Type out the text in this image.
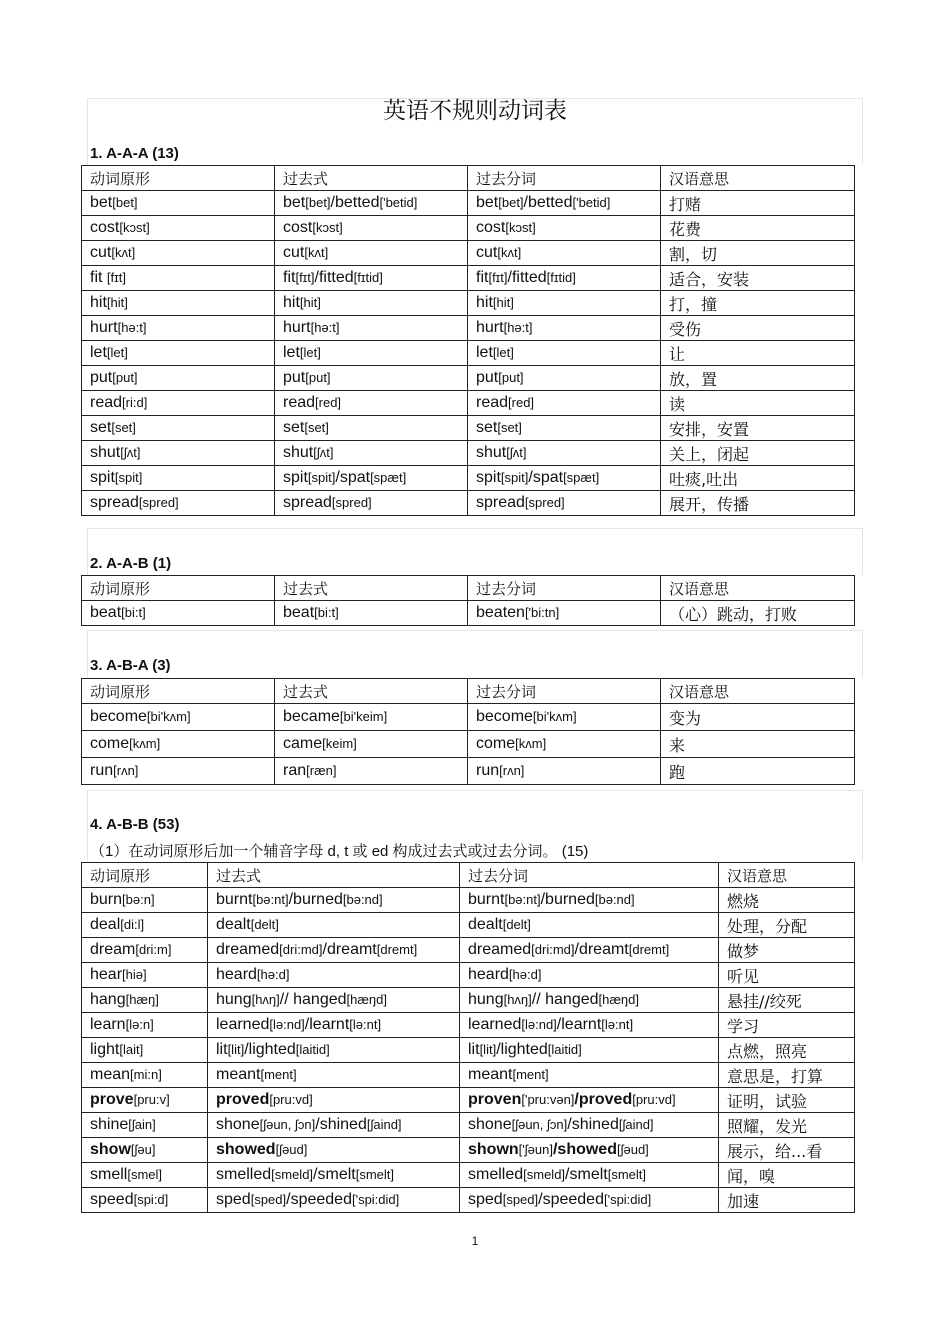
英语不规则动词表
1. A-A-A (13)
动词原形	过去式	过去分词	汉语意思
bet[bet]	bet[bet]/betted['betid]	bet[bet]/betted['betid]	打赌
cost[kɔst]	cost[kɔst]	cost[kɔst]	花费
cut[kʌt]	cut[kʌt]	cut[kʌt]	割，切
fit [fɪt]	fit[fɪt]/fitted[fɪtid]	fit[fɪt]/fitted[fɪtid]	适合，安装
hit[hit]	hit[hit]	hit[hit]	打，撞
hurt[hə:t]	hurt[hə:t]	hurt[hə:t]	受伤
let[let]	let[let]	let[let]	让
put[put]	put[put]	put[put]	放，置
read[ri:d]	read[red]	read[red]	读
set[set]	set[set]	set[set]	安排，安置
shut[ʃʌt]	shut[ʃʌt]	shut[ʃʌt]	关上，闭起
spit[spit]	spit[spit]/spat[spæt]	spit[spit]/spat[spæt]	吐痰,吐出
spread[spred]	spread[spred]	spread[spred]	展开，传播
2. A-A-B (1)
动词原形	过去式	过去分词	汉语意思
beat[bi:t]	beat[bi:t]	beaten['bi:tn]	（心）跳动，打败
3. A-B-A (3)
动词原形	过去式	过去分词	汉语意思
become[bi'kʌm]	became[bi'keim]	become[bi'kʌm]	变为
come[kʌm]	came[keim]	come[kʌm]	来
run[rʌn]	ran[ræn]	run[rʌn]	跑
4. A-B-B (53)
（1）在动词原形后加一个辅音字母 d, t 或 ed 构成过去式或过去分词。 (15)
动词原形	过去式	过去分词	汉语意思
burn[bə:n]	burnt[bə:nt]/burned[bə:nd]	burnt[bə:nt]/burned[bə:nd]	燃烧
deal[di:l]	dealt[delt]	dealt[delt]	处理，分配
dream[dri:m]	dreamed[dri:md]/dreamt[dremt]	dreamed[dri:md]/dreamt[dremt]	做梦
hear[hiə]	heard[hə:d]	heard[hə:d]	听见
hang[hæŋ]	hung[hʌŋ]// hanged[hæŋd]	hung[hʌŋ]// hanged[hæŋd]	悬挂//绞死
learn[lə:n]	learned[lə:nd]/learnt[lə:nt]	learned[lə:nd]/learnt[lə:nt]	学习
light[lait]	lit[lit]/lighted[laitid]	lit[lit]/lighted[laitid]	点燃，照亮
mean[mi:n]	meant[ment]	meant[ment]	意思是，打算
prove[pru:v]	proved[pru:vd]	proven['pru:vən]/proved[pru:vd]	证明，试验
shine[ʃain]	shone[ʃəun, ʃɔn]/shined[ʃaind]	shone[ʃəun, ʃɔn]/shined[ʃaind]	照耀，发光
show[ʃəu]	showed[ʃəud]	shown['ʃəun]/showed[ʃəud]	展示，给...看
smell[smel]	smelled[smeld]/smelt[smelt]	smelled[smeld]/smelt[smelt]	闻，嗅
speed[spi:d]	sped[sped]/speeded['spi:did]	sped[sped]/speeded['spi:did]	加速
1
